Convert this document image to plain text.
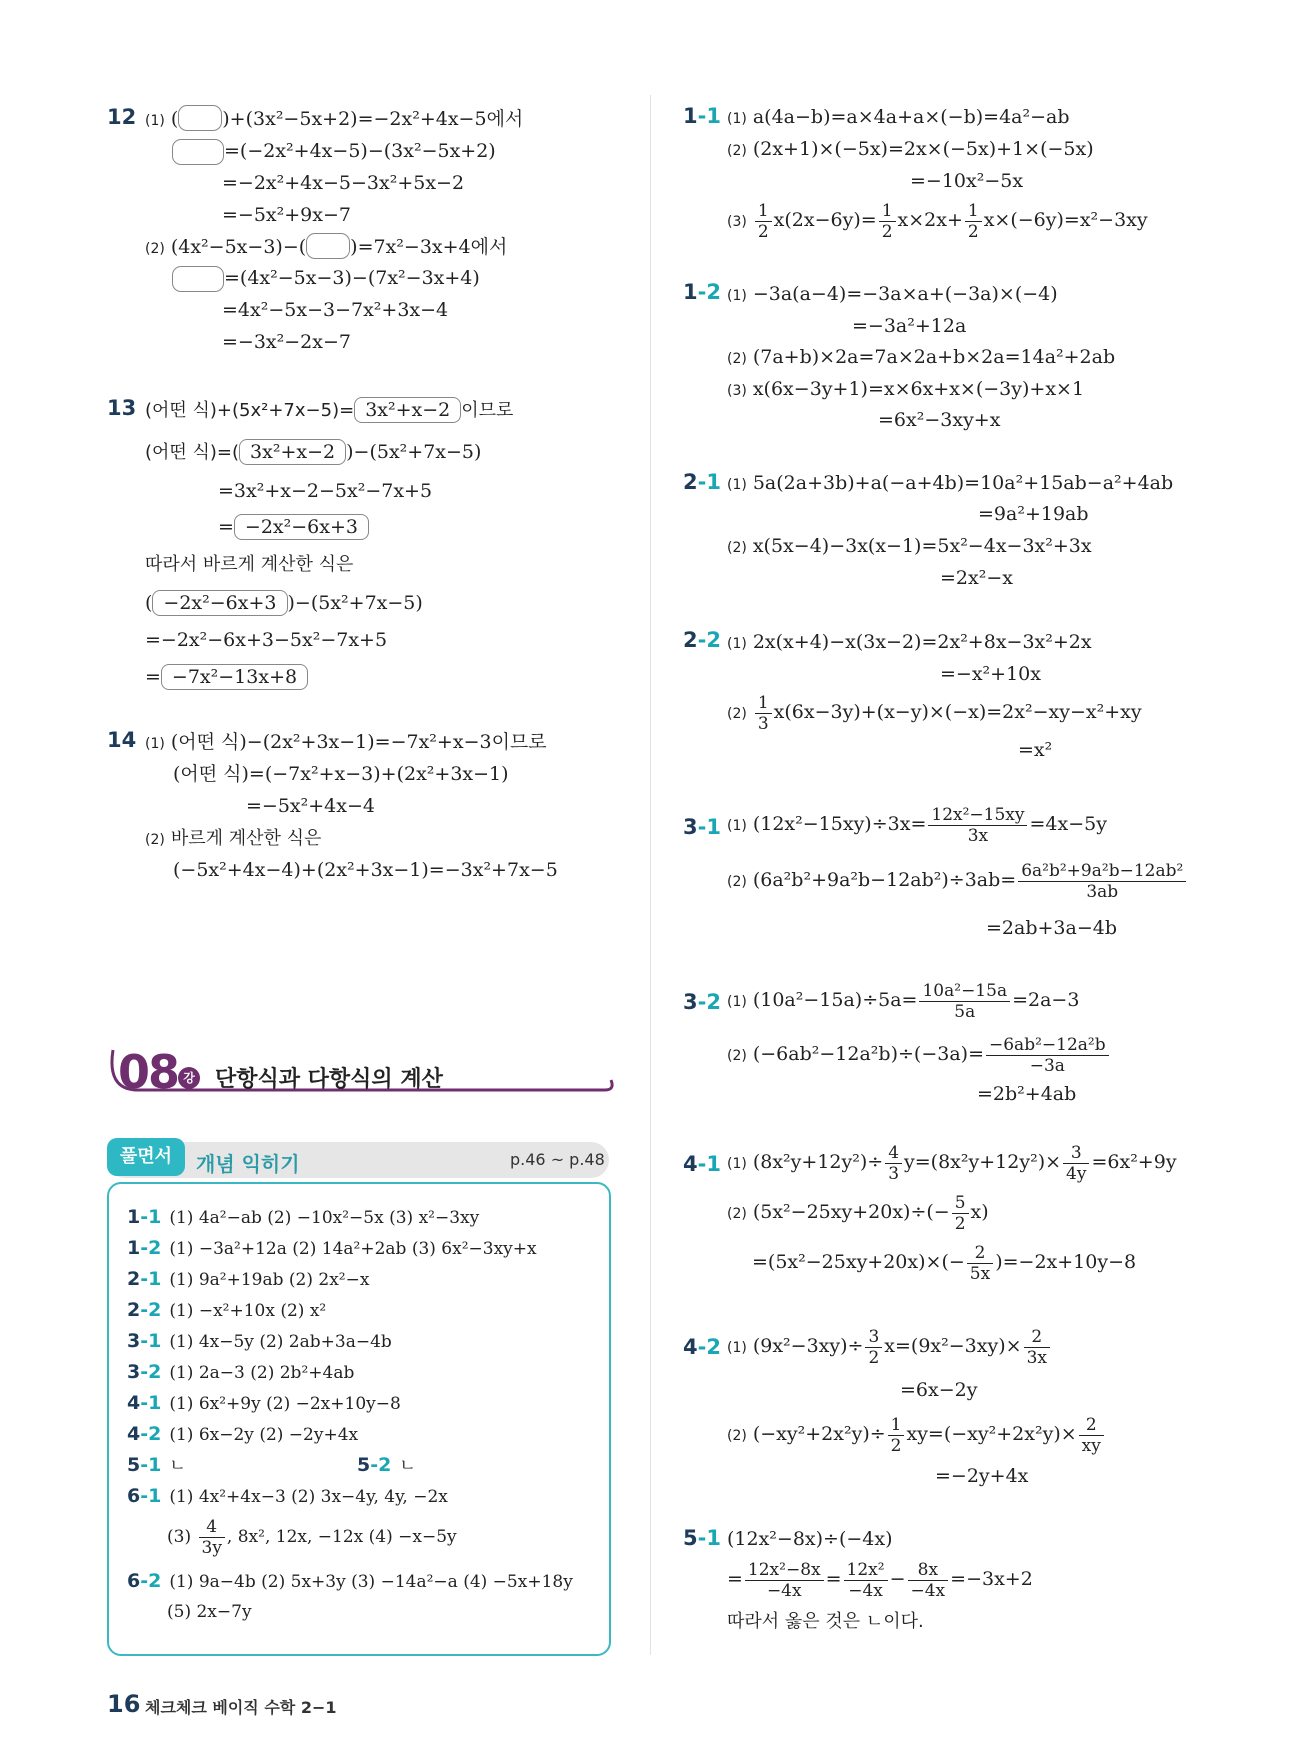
12 (1) ( )+(3x²−5x+2)=−2x²+4x−5에서
=(−2x²+4x−5)−(3x²−5x+2)
=−2x²+4x−5−3x²+5x−2
=−5x²+9x−7
(2) (4x²−5x−3)−( )=7x²−3x+4에서
=(4x²−5x−3)−(7x²−3x+4)
=4x²−5x−3−7x²+3x−4
=−3x²−2x−7
13 (어떤 식)+(5x²+7x−5)= 3x²+x−2 이므로
(어떤 식)=( 3x²+x−2 )−(5x²+7x−5)
=3x²+x−2−5x²−7x+5
= −2x²−6x+3
따라서 바르게 계산한 식은
( −2x²−6x+3 )−(5x²+7x−5)
=−2x²−6x+3−5x²−7x+5
= −7x²−13x+8
14 (1) (어떤 식)−(2x²+3x−1)=−7x²+x−3이므로
(어떤 식)=(−7x²+x−3)+(2x²+3x−1)
=−5x²+4x−4
(2) 바르게 계산한 식은
(−5x²+4x−4)+(2x²+3x−1)=−3x²+7x−5
08 강 단항식과 다항식의 계산
풀면서	개념 익히기	p.46 ~ p.48
1-1 (1) 4a²−ab (2) −10x²−5x (3) x²−3xy
1-2 (1) −3a²+12a (2) 14a²+2ab (3) 6x²−3xy+x
2-1 (1) 9a²+19ab (2) 2x²−x
2-2 (1) −x²+10x (2) x²
3-1 (1) 4x−5y (2) 2ab+3a−4b
3-2 (1) 2a−3 (2) 2b²+4ab
4-1 (1) 6x²+9y (2) −2x+10y−8
4-2 (1) 6x−2y (2) −2y+4x
5-1 ㄴ	5-2 ㄴ
6-1 (1) 4x²+4x−3 (2) 3x−4y, 4y, −2x
$(3) \frac{4}{3y}$ , 8x², 12x, −12x (4) −x−5y
6-2 (1) 9a−4b (2) 5x+3y (3) −14a²−a (4) −5x+18y
(5) 2x−7y
1-1 (1) a(4a−b)=a×4a+a×(−b)=4a²−ab
(2) (2x+1)×(−5x)=2x×(−5x)+1×(−5x)
=−10x²−5x
$(3) \frac{1}{2} x(2x-6y)= \frac{1}{2} x\times 2x+ \frac{1}{2} x\times(-6y)=x^2-3xy$
1-2 (1) −3a(a−4)=−3a×a+(−3a)×(−4)
=−3a²+12a
(2) (7a+b)×2a=7a×2a+b×2a=14a²+2ab
(3) x(6x−3y+1)=x×6x+x×(−3y)+x×1
=6x²−3xy+x
2-1 (1) 5a(2a+3b)+a(−a+4b)=10a²+15ab−a²+4ab
=9a²+19ab
(2) x(5x−4)−3x(x−1)=5x²−4x−3x²+3x
=2x²−x
2-2 (1) 2x(x+4)−x(3x−2)=2x²+8x−3x²+2x
=−x²+10x
$(2) \frac{1}{3} x(6x-3y)+(x-y)\times(-x)=2x^2-xy-x^2+xy$
=x²
3-1 (1) $(12x^2-15xy)\div 3x= \frac{\text{12x²−15xy}}{3x} =4x-5y$
(2) $(6a^2b^2+9a^2b-12ab^2)\div 3ab= \frac{\text{6a²b²+9a²b−12ab²}}{3ab}$
=2ab+3a−4b
3-2 (1) $(10a^2-15a)\div 5a= \frac{\text{10a²−15a}}{5a} =2a-3$
(2) $(-6ab^2-12a^2b)\div(-3a)= \frac{\text{−6ab²−12a²b}}{-3a}$
=2b²+4ab
4-1 (1) $(8x^2y+12y^2)\div \frac{4}{3} y=(8x^2y+12y^2)\times \frac{3}{4y} =6x^2+9y$
(2) $(5x^2-25xy+20x)\div(- \frac{5}{2} x)$
$=(5x^2-25xy+20x)\times(- \frac{2}{5x} )=-2x+10y-8$
4-2 (1) $(9x^2-3xy)\div \frac{3}{2} x=(9x^2-3xy)\times \frac{2}{3x}$
=6x−2y
(2) $(-xy^2+2x^2y)\div \frac{1}{2} xy=(-xy^2+2x^2y)\times \frac{2}{xy}$
=−2y+4x
5-1 (12x²−8x)÷(−4x)
= $\frac{\text{12x²−8x}}{-4x} = \frac{\text{12x²}}{-4x} - \frac{8x}{-4x} =-3x+2$
따라서 옳은 것은 ㄴ이다.
16 체크체크 베이직 수학 2−1
